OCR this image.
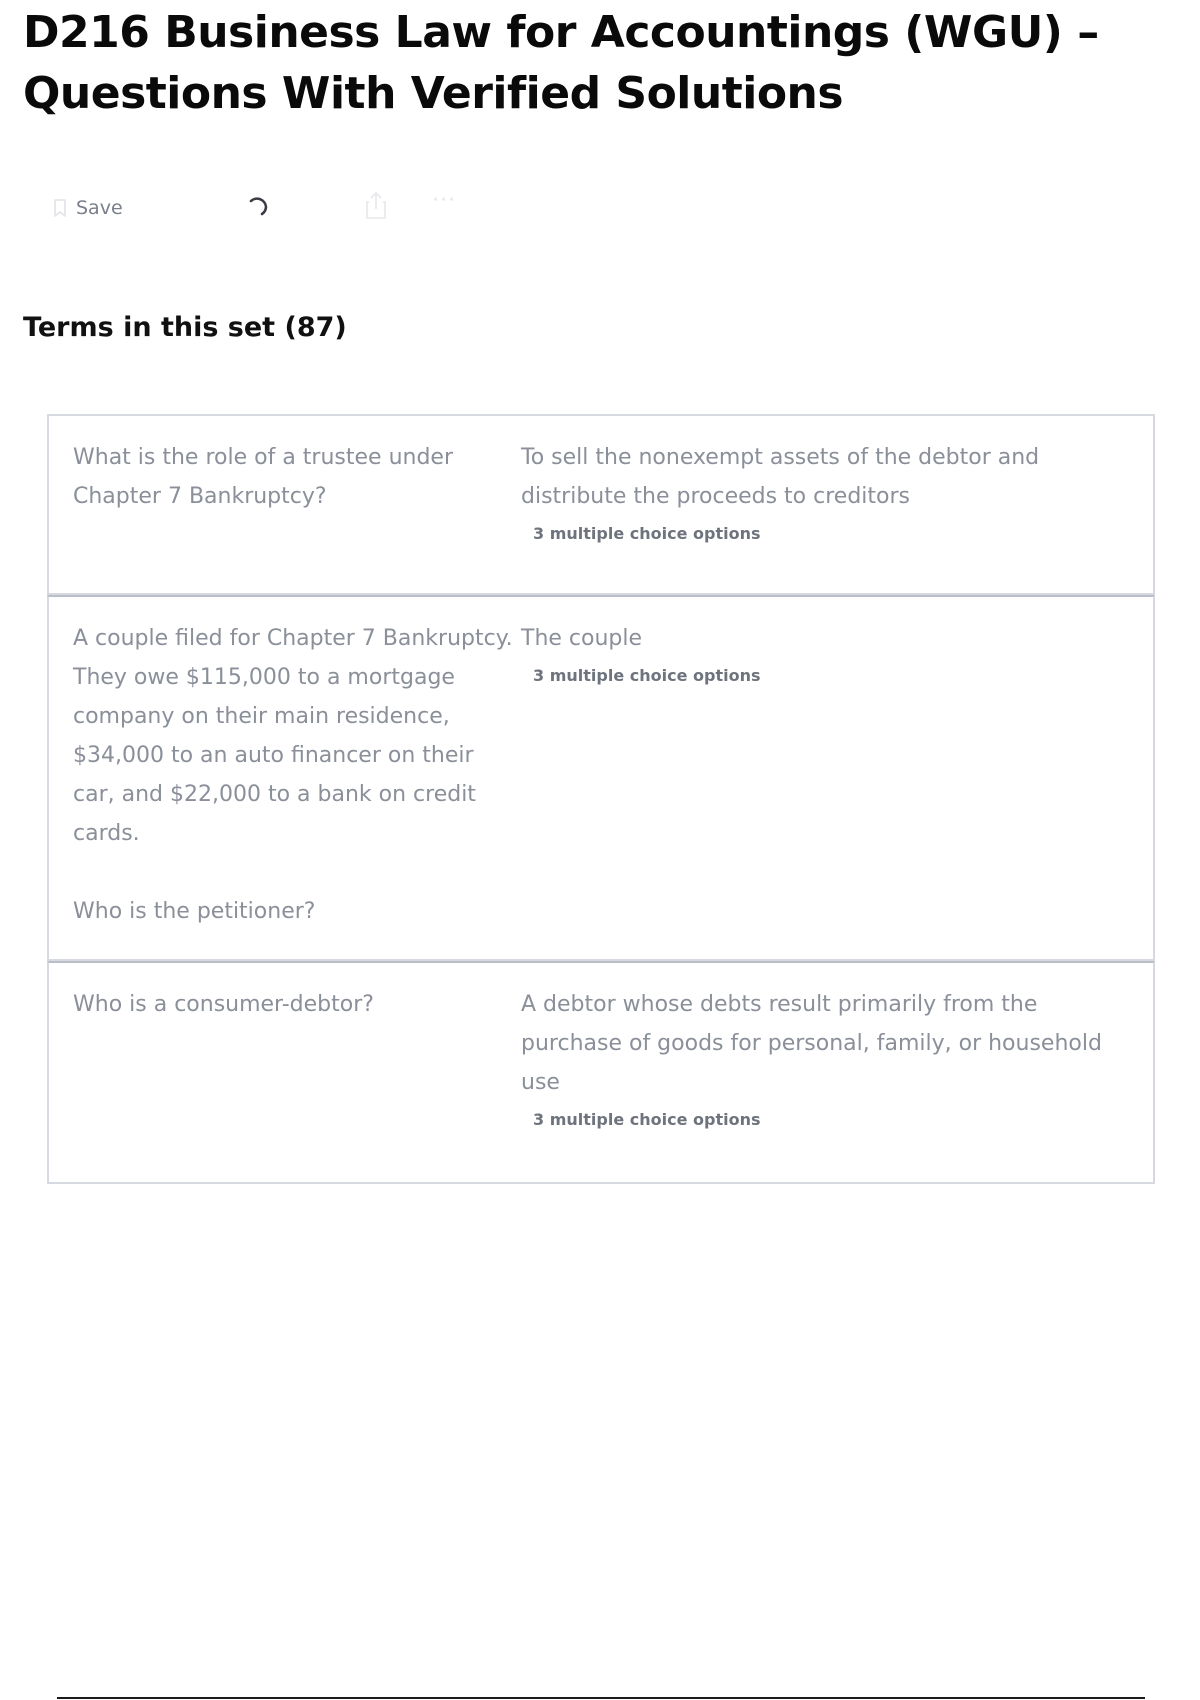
D216 Business Law for Accountings (WGU) – Questions With Verified Solutions
Save	···
Terms in this set (87)
What is the role of a trustee under Chapter 7 Bankruptcy?
To sell the nonexempt assets of the debtor and distribute the proceeds to creditors
3 multiple choice options
A couple filed for Chapter 7 Bankruptcy. They owe $115,000 to a mortgage company on their main residence, $34,000 to an auto financer on their car, and $22,000 to a bank on credit cards.

Who is the petitioner?
The couple
3 multiple choice options
Who is a consumer-debtor?	A debtor whose debts result primarily from the purchase of goods for personal, family, or household use
3 multiple choice options
